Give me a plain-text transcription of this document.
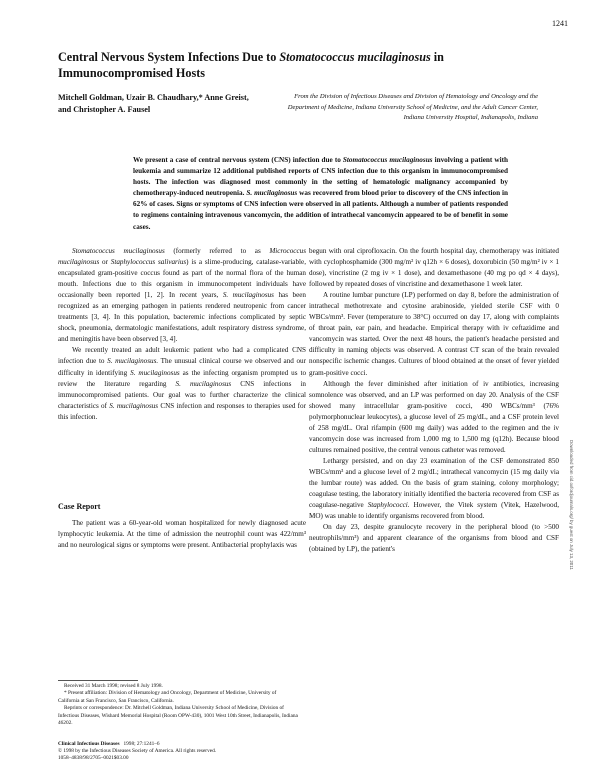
1241
Central Nervous System Infections Due to Stomatococcus mucilaginosus in Immunocompromised Hosts
Mitchell Goldman, Uzair B. Chaudhary,* Anne Greist,
and Christopher A. Fausel
From the Division of Infectious Diseases and Division of Hematology and Oncology and the Department of Medicine, Indiana University School of Medicine, and the Adult Cancer Center, Indiana University Hospital, Indianapolis, Indiana
We present a case of central nervous system (CNS) infection due to Stomatococcus mucilaginosus involving a patient with leukemia and summarize 12 additional published reports of CNS infection due to this organism in immunocompromised hosts. The infection was diagnosed most commonly in the setting of hematologic malignancy accompanied by chemotherapy-induced neutropenia. S. mucilaginosus was recovered from blood prior to discovery of the CNS infection in 62% of cases. Signs or symptoms of CNS infection were observed in all patients. Although a number of patients responded to regimens containing intravenous vancomycin, the addition of intrathecal vancomycin appeared to be of benefit in some cases.

Stomatococcus mucilaginosus (formerly referred to as Micrococcus mucilaginosus or Staphylococcus salivarius) is a slime-producing, catalase-variable, encapsulated gram-positive coccus found as part of the normal flora of the human mouth. Infections due to this organism in immunocompetent individuals have occasionally been reported [1, 2]. In recent years, S. mucilaginosus has been recognized as an emerging pathogen in patients rendered neutropenic from cancer treatments [3, 4]. In this population, bacteremic infections complicated by septic shock, pneumonia, dermatologic manifestations, adult respiratory distress syndrome, and meningitis have been observed [3, 4].

We recently treated an adult leukemic patient who had a complicated CNS infection due to S. mucilaginosus. The unusual clinical course we observed and our difficulty in identifying S. mucilaginosus as the infecting organism prompted us to review the literature regarding S. mucilaginosus CNS infections in immunocompromised patients. Our goal was to further characterize the clinical characteristics of S. mucilaginosus CNS infection and responses to therapies used for this infection.

Case Report

The patient was a 60-year-old woman hospitalized for newly diagnosed acute lymphocytic leukemia. At the time of admission the neutrophil count was 422/mm³ and no neurological signs or symptoms were present. Antibacterial prophylaxis was

begun with oral ciprofloxacin. On the fourth hospital day, chemotherapy was initiated with cyclophosphamide (300 mg/m² iv q12h × 6 doses), doxorubicin (50 mg/m² iv × 1 dose), vincristine (2 mg iv × 1 dose), and dexamethasone (40 mg po qd × 4 days), followed by repeated doses of vincristine and dexamethasone 1 week later.

A routine lumbar puncture (LP) performed on day 8, before the administration of intrathecal methotrexate and cytosine arabinoside, yielded sterile CSF with 0 WBCs/mm³. Fever (temperature to 38°C) occurred on day 17, along with complaints of throat pain, ear pain, and headache. Empirical therapy with iv ceftazidime and vancomycin was started. Over the next 48 hours, the patient's headache persisted and difficulty in naming objects was observed. A contrast CT scan of the brain revealed nonspecific ischemic changes. Cultures of blood obtained at the onset of fever yielded gram-positive cocci.

Although the fever diminished after initiation of iv antibiotics, increasing somnolence was observed, and an LP was performed on day 20. Analysis of the CSF showed many intracellular gram-positive cocci, 490 WBCs/mm³ (76% polymorphonuclear leukocytes), a glucose level of 25 mg/dL, and a CSF protein level of 258 mg/dL. Oral rifampin (600 mg daily) was added to the regimen and the iv vancomycin dose was increased from 1,000 mg to 1,500 mg (q12h). Because blood cultures remained positive, the central venous catheter was removed.

Lethargy persisted, and on day 23 examination of the CSF demonstrated 850 WBCs/mm³ and a glucose level of 2 mg/dL; intrathecal vancomycin (15 mg daily via the lumbar route) was added. On the basis of gram staining, colony morphology; coagulase testing, the laboratory initially identified the bacteria recovered from CSF as coagulase-negative Staphylococci. However, the Vitek system (Vitek, Hazelwood, MO) was unable to identify organisms recovered from blood.

On day 23, despite granulocyte recovery in the peripheral blood (to >500 neutrophils/mm³) and apparent clearance of the organisms from blood and CSF (obtained by LP), the patient's

Received 31 March 1998; revised 8 July 1998.

* Present affiliation: Division of Hematology and Oncology, Department of Medicine, University of California at San Francisco, San Francisco, California.

Reprints or correspondence: Dr. Mitchell Goldman, Indiana University School of Medicine, Division of Infectious Diseases, Wishard Memorial Hospital (Room OPW-430), 1001 West 10th Street, Indianapolis, Indiana 46202.

Clinical Infectious Diseases 1998; 27:1241–6
© 1998 by the Infectious Diseases Society of America. All rights reserved.
1058–4838/98/2705–0021$03.00
Downloaded from cid.oxfordjournals.org/ by guest on July 13, 2011
